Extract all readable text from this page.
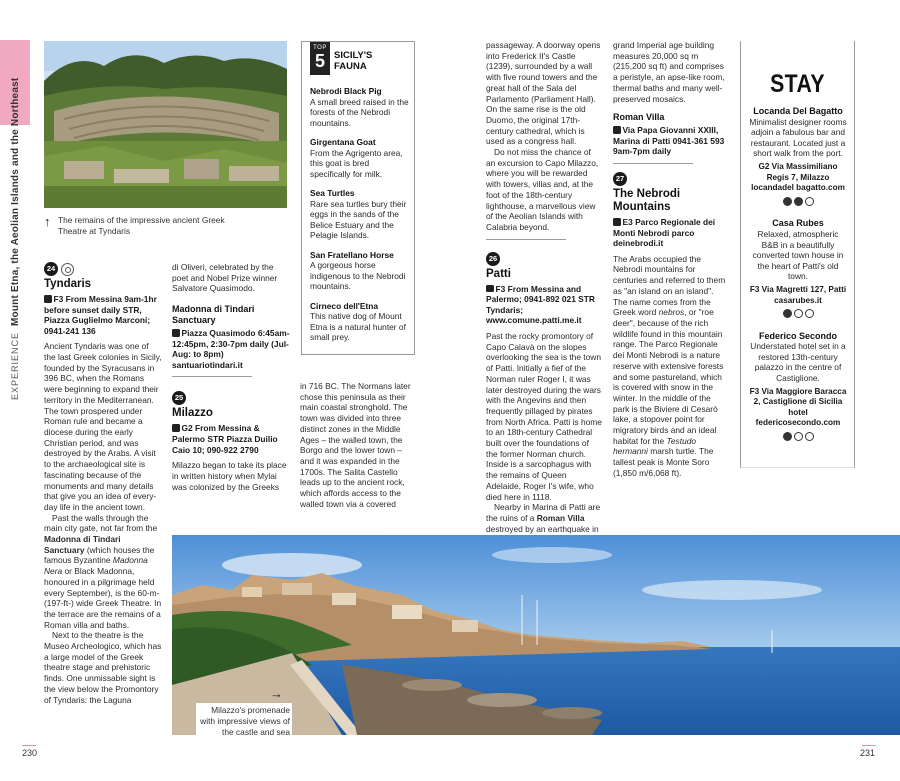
EXPERIENCEMount Etna, the Aeolian Islands and the Northeast ↑ The remains of the impressive ancient Greek Theatre at Tyndaris
24
Tyndaris
F3 From Messina 9am-1hr before sunset daily STR, Piazza Guglielmo Marconi; 0941-241 136

Ancient Tyndaris was one of the last Greek colonies in Sicily, founded by the Syracusans in 396 BC, when the Romans were beginning to expand their territory in the Mediterranean. The town prospered under Roman rule and became a diocese during the early Christian period, and was destroyed by the Arabs. A visit to the archaeological site is fascinating because of the monuments and many details that give you an idea of every-day life in the ancient town.

Past the walls through the main city gate, not far from the Madonna di Tindari Sanctuary (which houses the famous Byzantine Madonna Nera or Black Madonna, honoured in a pilgrimage held every September), is the 60-m- (197-ft-) wide Greek Theatre. In the terrace are the remains of a Roman villa and baths.

Next to the theatre is the Museo Archeologico, which has a large model of the Greek theatre stage and prehistoric finds. One unmissable sight is the view below the Promontory of Tyndaris: the Laguna

di Oliveri, celebrated by the poet and Nobel Prize winner Salvatore Quasimodo.

Madonna di Tindari Sanctuary
Piazza Quasimodo 6:45am-12:45pm, 2:30-7pm daily (Jul-Aug: to 8pm) santuariotindari.it
25
Milazzo
G2 From Messina & Palermo STR Piazza Duilio Caio 10; 090-922 2790

Milazzo began to take its place in written history when Mylai was colonized by the Greeks

in 716 BC. The Normans later chose this peninsula as their main coastal stronghold. The town was divided into three distinct zones in the Middle Ages – the walled town, the Borgo and the lower town – and it was expanded in the 1700s. The Salita Castello leads up to the ancient rock, which affords access to the walled town via a covered

TOP
5 SICILY'S
FAUNA
Nebrodi Black Pig
A small breed raised in the forests of the Nebrodi mountains.
Girgentana Goat
From the Agrigento area, this goat is bred specifically for milk.
Sea Turtles
Rare sea turtles bury their eggs in the sands of the Belice Estuary and the Pelagie Islands.
San Fratellano Horse
A gorgeous horse indigenous to the Nebrodi mountains.
Cirneco dell'Etna
This native dog of Mount Etna is a natural hunter of small prey.

passageway. A doorway opens into Frederick II's Castle (1239), surrounded by a wall with five round towers and the great hall of the Sala del Parlamento (Parliament Hall). On the same rise is the old Duomo, the original 17th-century cathedral, which is used as a congress hall.

Do not miss the chance of an excursion to Capo Milazzo, where you will be rewarded with towers, villas and, at the foot of the 18th-century lighthouse, a marvellous view of the Aeolian Islands with Calabria beyond.

26
Patti
F3 From Messina and Palermo; 0941-892 021 STR Tyndaris; www.comune.patti.me.it

Past the rocky promontory of Capo Calavà on the slopes overlooking the sea is the town of Patti. Initially a fief of the Norman ruler Roger I, it was later destroyed during the wars with the Angevins and then frequently pillaged by pirates from North Africa. Patti is home to an 18th-century Cathedral built over the foundations of the former Norman church. Inside is a sarcophagus with the remains of Queen Adelaide, Roger I's wife, who died here in 1118.

Nearby in Marina di Patti are the ruins of a Roman Villa destroyed by an earthquake in

grand Imperial age building measures 20,000 sq m (215,200 sq ft) and comprises a peristyle, an apse-like room, thermal baths and many well-preserved mosaics.

Roman Villa
Via Papa Giovanni XXIII, Marina di Patti 0941-361 593 9am-7pm daily
27
The Nebrodi Mountains
E3 Parco Regionale dei Monti Nebrodi parco deinebrodi.it

The Arabs occupied the Nebrodi mountains for centuries and referred to them as "an island on an island". The name comes from the Greek word nebros, or "roe deer", because of the rich wildlife found in this mountain range. The Parco Regionale dei Monti Nebrodi is a nature reserve with extensive forests and some pastureland, which is covered with snow in the winter. In the middle of the park is the Biviere di Cesarò lake, a stopover point for migratory birds and an ideal habitat for the Testudo hermanni marsh turtle. The tallest peak is Monte Soro (1,850 m/6,068 ft).

STAY
Locanda Del Bagatto
Minimalist designer rooms adjoin a fabulous bar and restaurant. Located just a short walk from the port.
G2 Via Massimiliano Regis 7, Milazzo locandadel bagatto.com
Casa Rubes
Relaxed, atmospheric B&B in a beautifully converted town house in the heart of Patti's old town.
F3 Via Magretti 127, Patti casarubes.it
Federico Secondo
Understated hotel set in a restored 13th-century palazzo in the centre of Castiglione.
F3 Via Maggiore Baracca 2, Castiglione di Sicilia hotel federicosecondo.com
→
Milazzo's promenade with impressive views of the castle and sea
230	231
